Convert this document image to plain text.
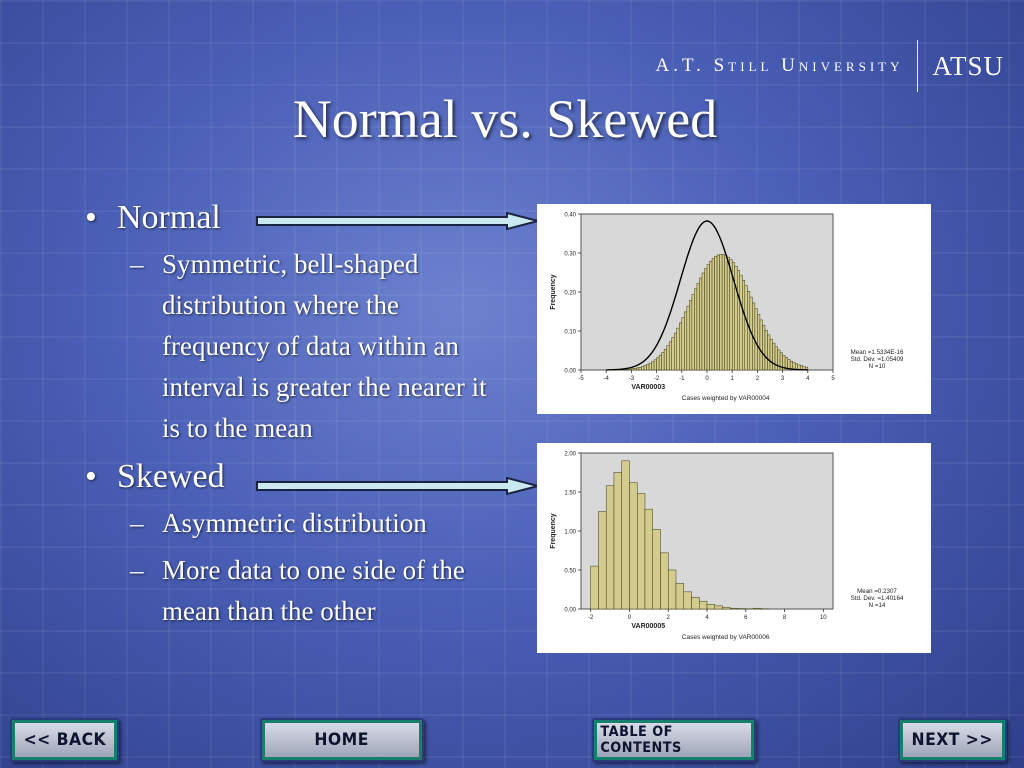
A.T. Still University ATSU
Normal vs. Skewed
• Normal
– Symmetric, bell-shaped distribution where the frequency of data within an interval is greater the nearer it is to the mean
• Skewed
– Asymmetric distribution
– More data to one side of the mean than the other
0.00
0.10
0.20
0.30
0.40
-5	-4	-3	-2	-1	0	1	2	3	4	5
Frequency
VAR00003
Cases weighted by VAR00004
Mean =1.5334E-16
Std. Dev. =1.05409
N =10
0.00
0.50
1.00
1.50
2.00
-2	0	2	4	6	8	10
Frequency
VAR00005
Cases weighted by VAR00006
Mean =0.2307
Std. Dev. =1.40164
N =14
<< BACK	HOME	TABLE OF CONTENTS	NEXT >>
